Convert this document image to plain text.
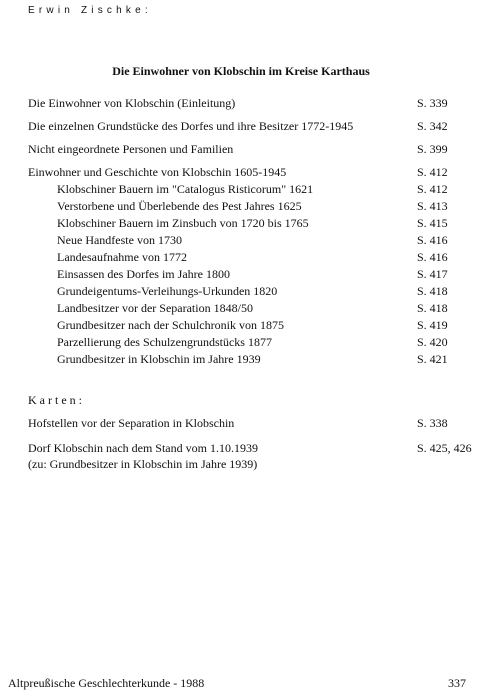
Erwin Zischke:
Die Einwohner von Klobschin im Kreise Karthaus
Die Einwohner von Klobschin (Einleitung)	S. 339
Die einzelnen Grundstücke des Dorfes und ihre Besitzer 1772-1945	S. 342
Nicht eingeordnete Personen und Familien	S. 399
Einwohner und Geschichte von Klobschin 1605-1945	S. 412
Klobschiner Bauern im "Catalogus Risticorum" 1621	S. 412
Verstorbene und Überlebende des Pest Jahres 1625	S. 413
Klobschiner Bauern im Zinsbuch von 1720 bis 1765	S. 415
Neue Handfeste von 1730	S. 416
Landesaufnahme von 1772	S. 416
Einsassen des Dorfes im Jahre 1800	S. 417
Grundeigentums-Verleihungs-Urkunden 1820	S. 418
Landbesitzer vor der Separation 1848/50	S. 418
Grundbesitzer nach der Schulchronik von 1875	S. 419
Parzellierung des Schulzengrundstücks 1877	S. 420
Grundbesitzer in Klobschin im Jahre 1939	S. 421
Karten:
Hofstellen vor der Separation in Klobschin	S. 338
Dorf Klobschin nach dem Stand vom 1.10.1939	S. 425, 426
(zu: Grundbesitzer in Klobschin im Jahre 1939)
Altpreußische Geschlechterkunde - 1988	337
